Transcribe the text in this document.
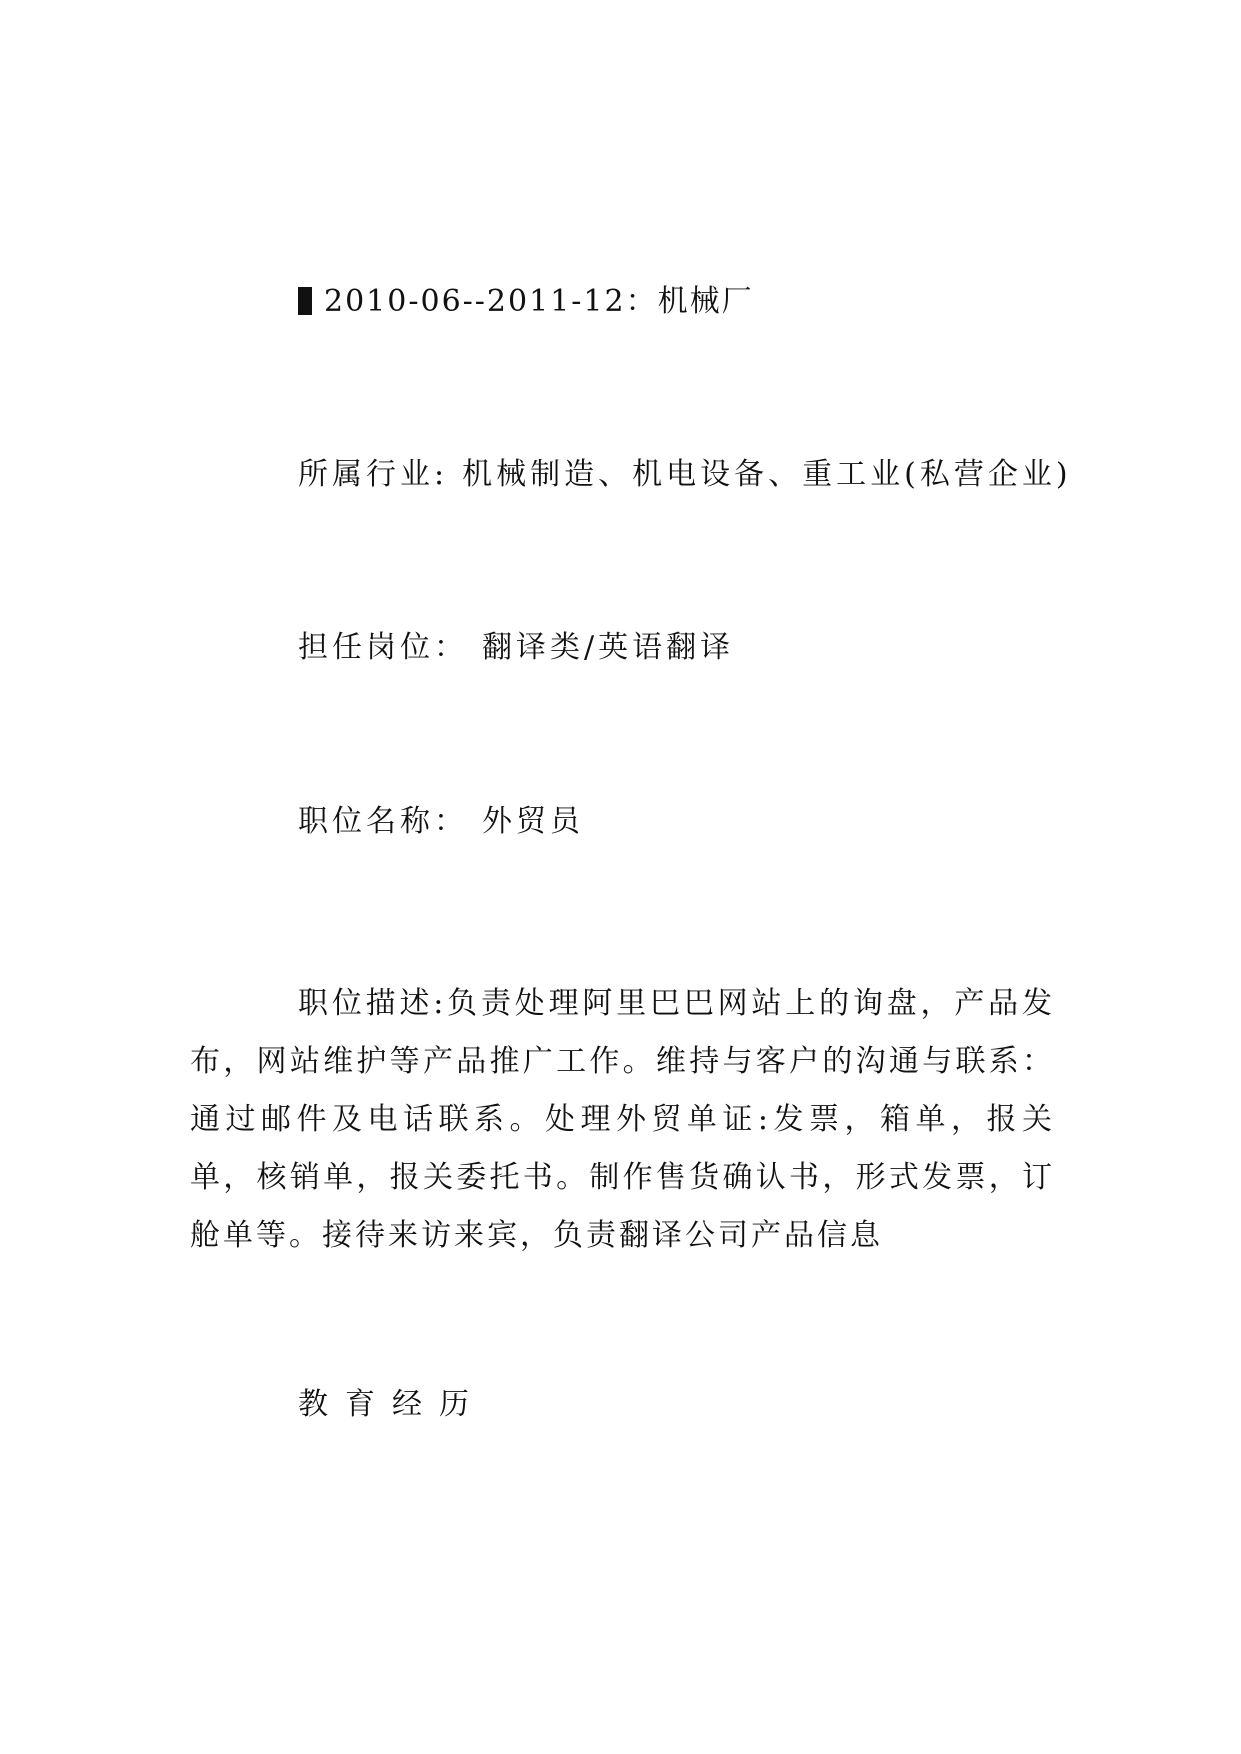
2010-06--2011-12：机械厂
所属行业: 机械制造、机电设备、重工业(私营企业)
担任岗位： 翻译类/英语翻译
职位名称： 外贸员
职位描述:负责处理阿里巴巴网站上的询盘，产品发布，网站维护等产品推广工作。维持与客户的沟通与联系：通过邮件及电话联系。处理外贸单证:发票，箱单，报关单，核销单，报关委托书。制作售货确认书，形式发票，订舱单等。接待来访来宾，负责翻译公司产品信息
教育经历
